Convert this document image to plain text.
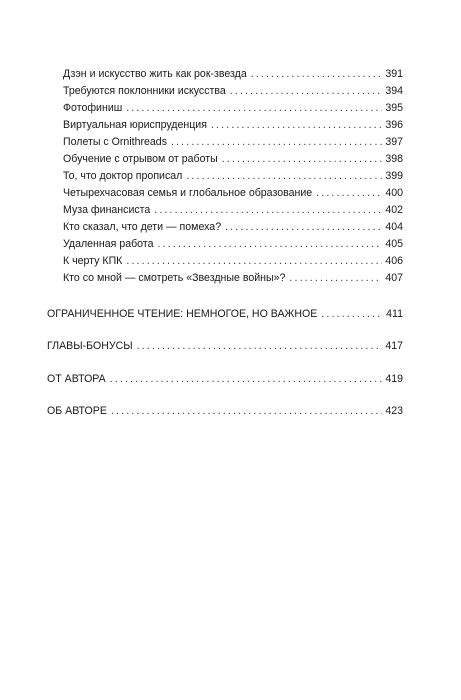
Дзэн и искусство жить как рок-звезда . . .	391
Требуются поклонники искусства . . .	394
Фотофиниш . . .	395
Виртуальная юриспруденция . . .	396
Полеты с Ornithreads . . .	397
Обучение с отрывом от работы . . .	398
То, что доктор прописал . . .	399
Четырехчасовая семья и глобальное образование . . .	400
Муза финансиста . . .	402
Кто сказал, что дети — помеха? . . .	404
Удаленная работа . . .	405
К черту КПК . . .	406
Кто со мной — смотреть «Звездные войны»? . . .	407
ОГРАНИЧЕННОЕ ЧТЕНИЕ: НЕМНОГОЕ, НО ВАЖНОЕ . . .	411
ГЛАВЫ-БОНУСЫ . . .	417
ОТ АВТОРА . . .	419
ОБ АВТОРЕ . . .	423
